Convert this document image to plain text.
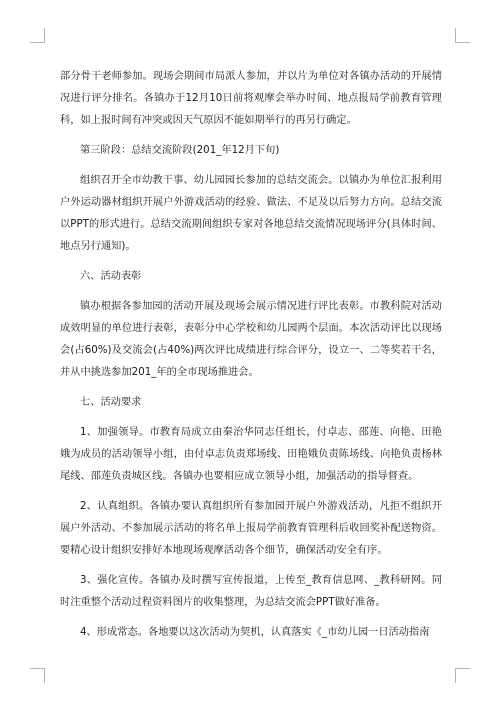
部分骨干老师参加。现场会期间市局派人参加，并以片为单位对各镇办活动的开展情况进行评分排名。各镇办于12月10日前将观摩会举办时间、地点报局学前教育管理科，如上报时间有冲突或因天气原因不能如期举行的再另行确定。

第三阶段：总结交流阶段(201_年12月下旬)

组织召开全市幼教干事、幼儿园园长参加的总结交流会。以镇办为单位汇报利用户外运动器材组织开展户外游戏活动的经验、做法、不足及以后努力方向。总结交流以PPT的形式进行。总结交流期间组织专家对各地总结交流情况现场评分(具体时间、地点另行通知)。

六、活动表彰

镇办根据各参加园的活动开展及现场会展示情况进行评比表彰。市教科院对活动成效明显的单位进行表彰，表彰分中心学校和幼儿园两个层面。本次活动评比以现场会(占60%)及交流会(占40%)两次评比成绩进行综合评分，设立一、二等奖若干名，并从中挑选参加201_年的全市现场推进会。

七、活动要求

1、加强领导。市教育局成立由秦治华同志任组长，付卓志、邵莲、向艳、田艳娥为成员的活动领导小组，由付卓志负责郑场线、田艳娥负责陈场线、向艳负责杨林尾线、邵莲负责城区线。各镇办也要相应成立领导小组，加强活动的指导督查。

2、认真组织。各镇办要认真组织所有参加园开展户外游戏活动，凡拒不组织开展户外活动、不参加展示活动的将名单上报局学前教育管理科后收回奖补配送物资。要精心设计组织安排好本地现场观摩活动各个细节，确保活动安全有序。

3、强化宣传。各镇办及时撰写宣传报道，上传至_教育信息网、_教科研网。同时注重整个活动过程资料图片的收集整理，为总结交流会PPT做好准备。

4、形成常态。各地要以这次活动为契机，认真落实《_市幼儿园一日活动指南
